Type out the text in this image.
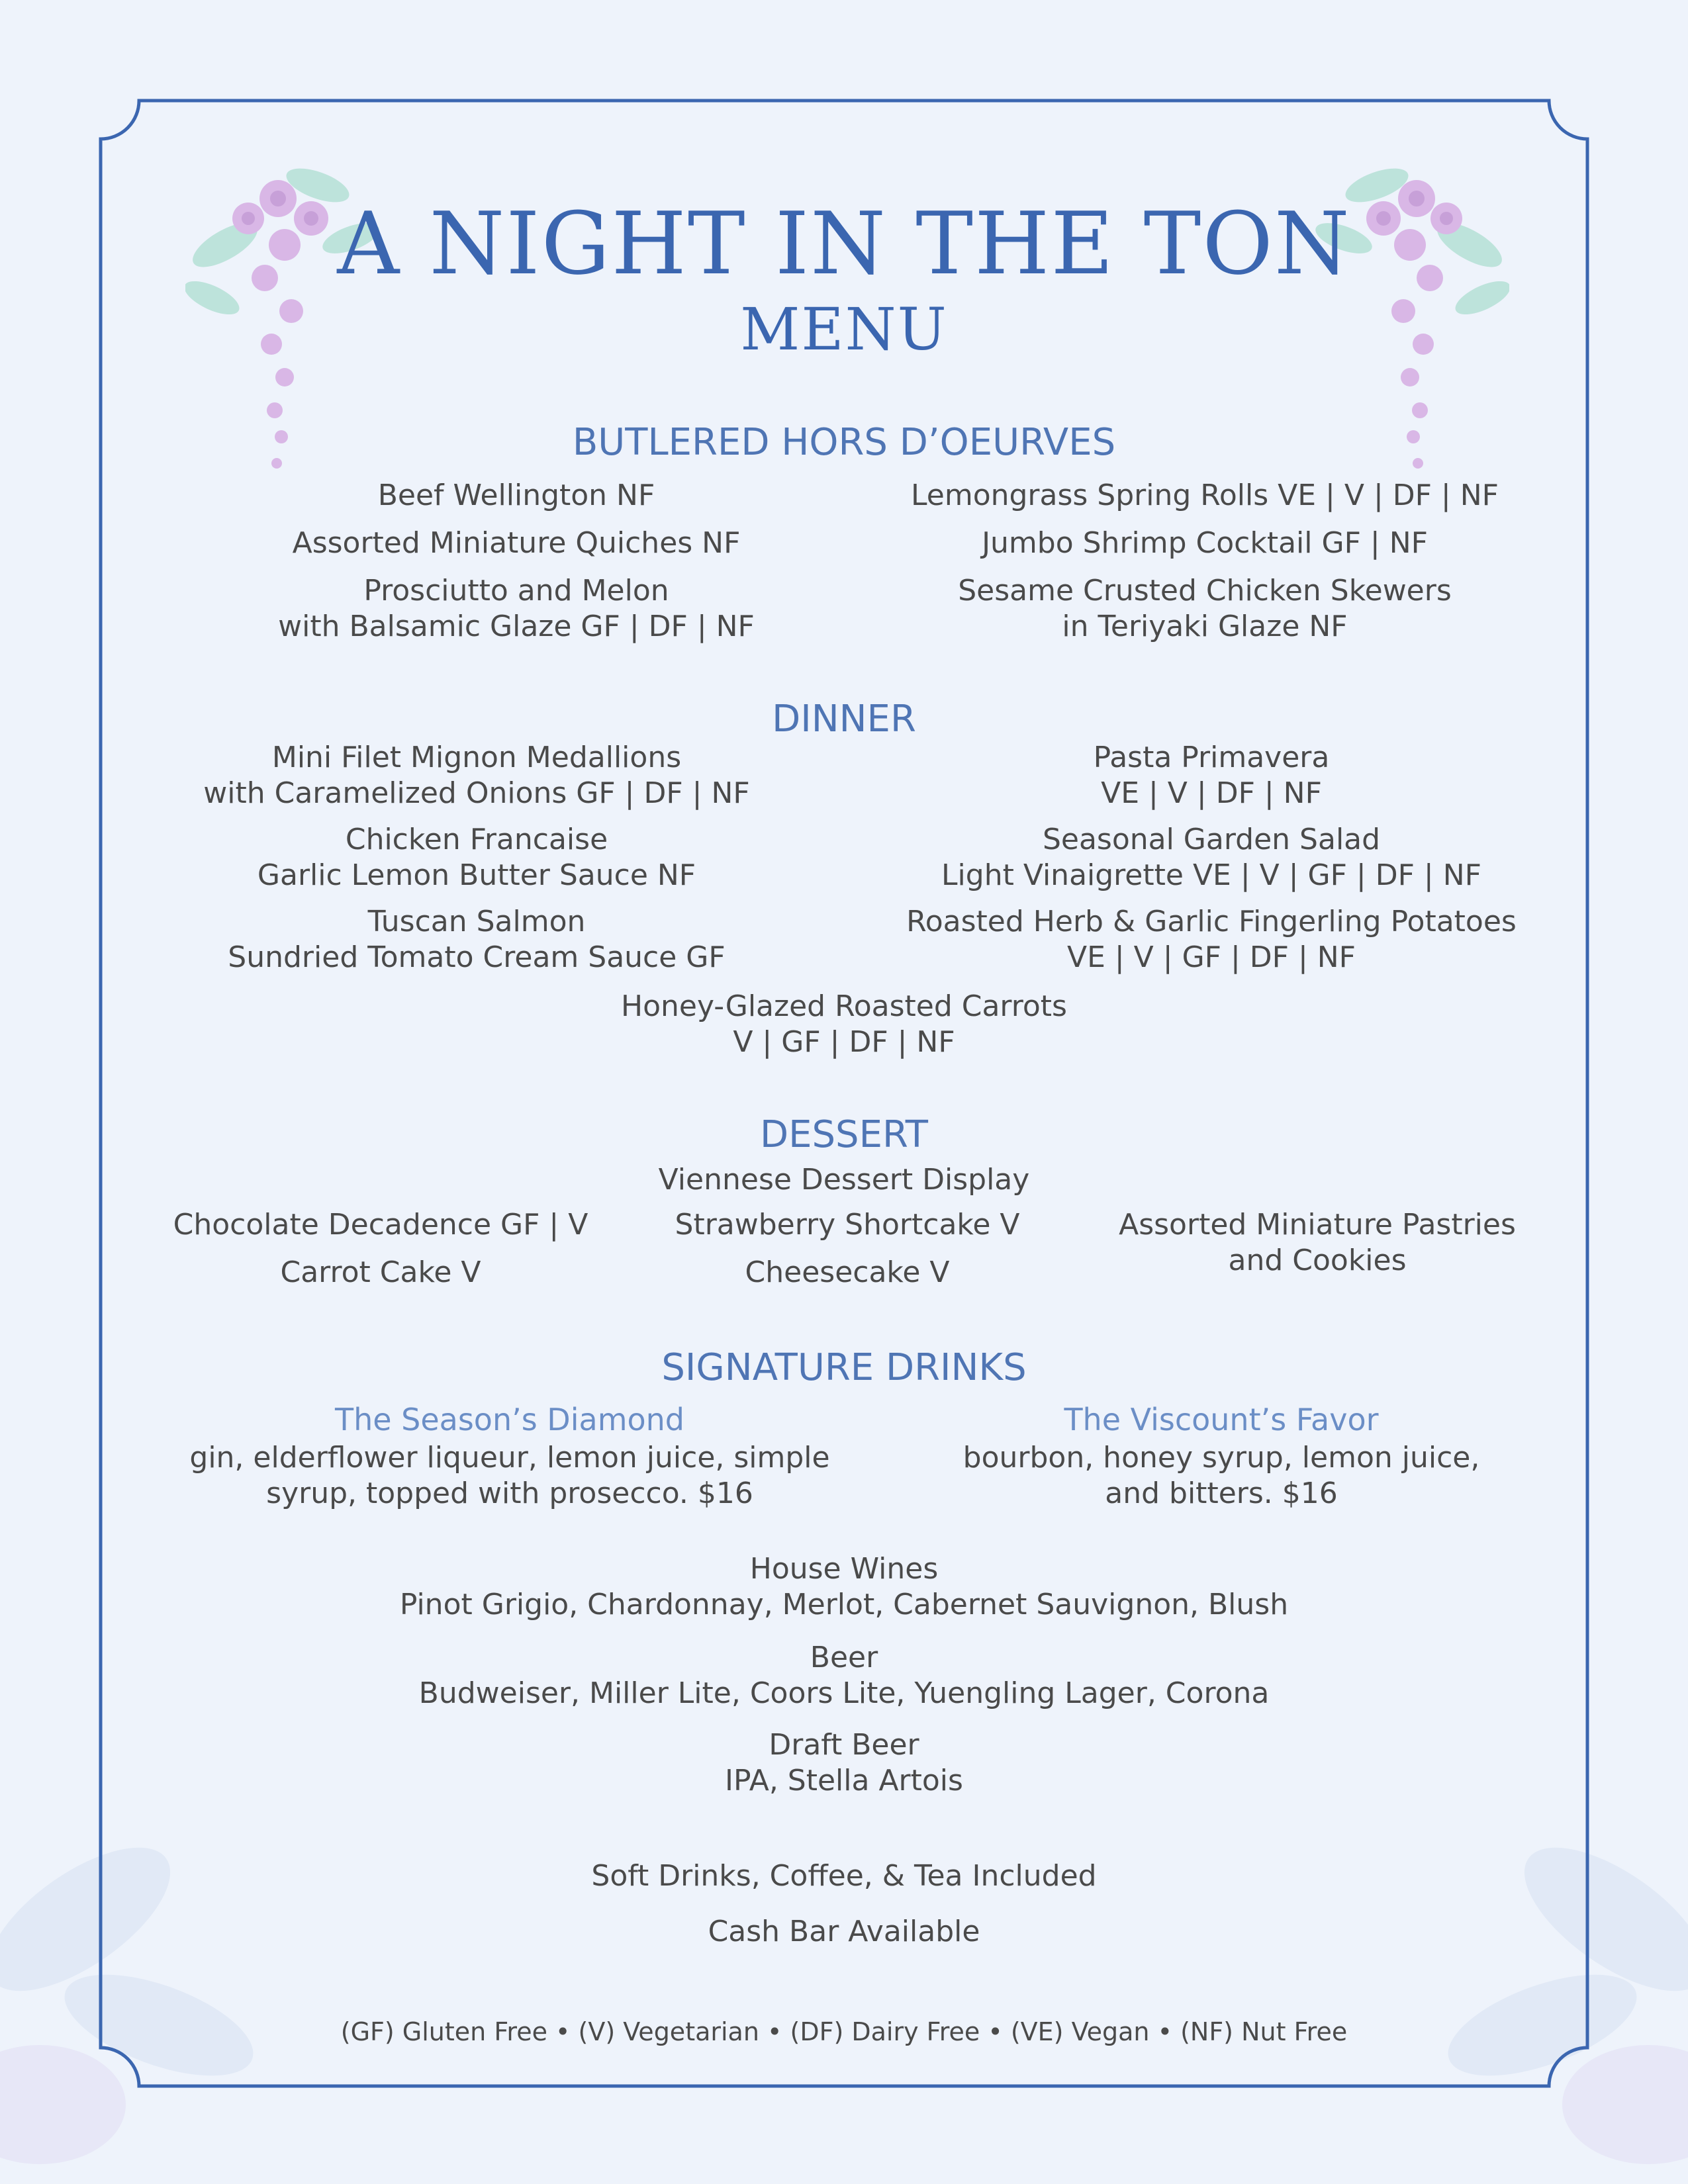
A NIGHT IN THE TON
MENU
BUTLERED HORS D’OEURVES
Beef Wellington NF
Assorted Miniature Quiches NF
Prosciutto and Melon
with Balsamic Glaze GF | DF | NF
Lemongrass Spring Rolls VE | V | DF | NF
Jumbo Shrimp Cocktail GF | NF
Sesame Crusted Chicken Skewers
in Teriyaki Glaze NF
DINNER
Mini Filet Mignon Medallions
with Caramelized Onions GF | DF | NF
Chicken Francaise
Garlic Lemon Butter Sauce NF
Tuscan Salmon
Sundried Tomato Cream Sauce GF
Pasta Primavera
VE | V | DF | NF
Seasonal Garden Salad
Light Vinaigrette VE | V | GF | DF | NF
Roasted Herb & Garlic Fingerling Potatoes
VE | V | GF | DF | NF
Honey-Glazed Roasted Carrots
V | GF | DF | NF
DESSERT
Viennese Dessert Display
Chocolate Decadence GF | V
Carrot Cake V
Strawberry Shortcake V
Cheesecake V
Assorted Miniature Pastries
and Cookies
SIGNATURE DRINKS
The Season’s Diamond
gin, elderflower liqueur, lemon juice, simple
syrup, topped with prosecco. $16
The Viscount’s Favor
bourbon, honey syrup, lemon juice,
and bitters. $16
House Wines
Pinot Grigio, Chardonnay, Merlot, Cabernet Sauvignon, Blush
Beer
Budweiser, Miller Lite, Coors Lite, Yuengling Lager, Corona
Draft Beer
IPA, Stella Artois
Soft Drinks, Coffee, & Tea Included
Cash Bar Available
(GF) Gluten Free • (V) Vegetarian • (DF) Dairy Free • (VE) Vegan • (NF) Nut Free
